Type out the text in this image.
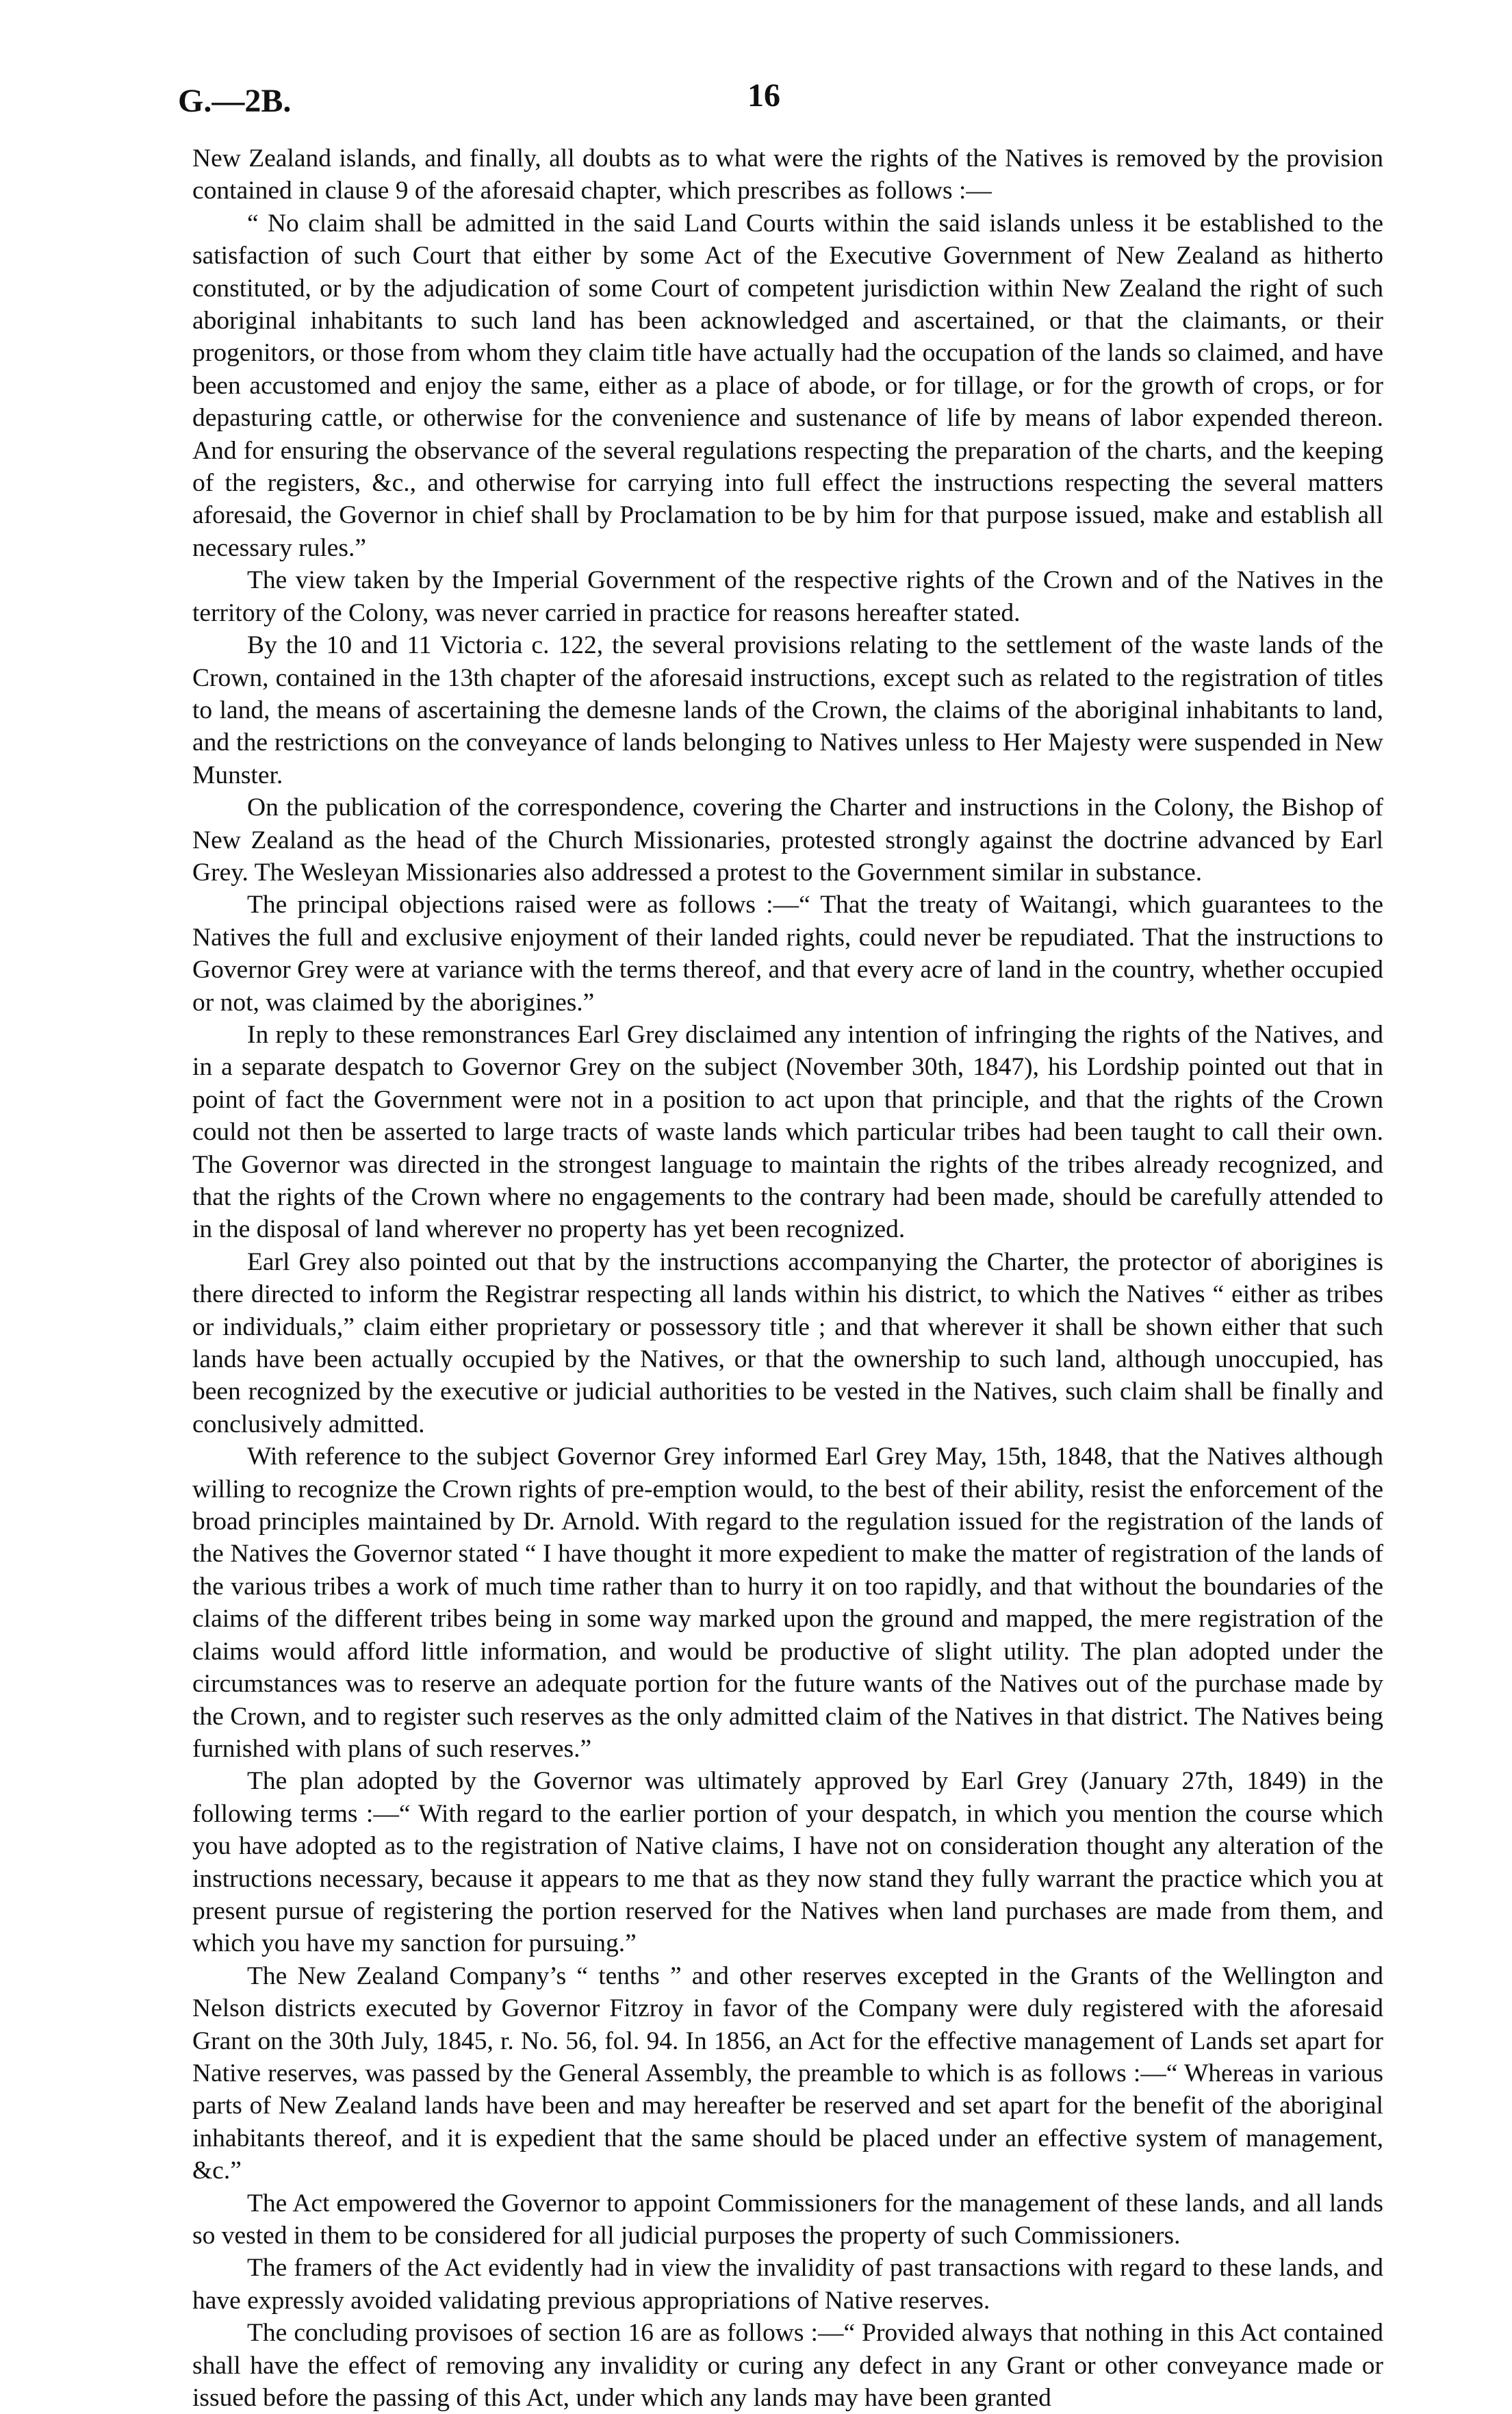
G.—2B.	16

New Zealand islands, and finally, all doubts as to what were the rights of the Natives is removed by the provision contained in clause 9 of the aforesaid chapter, which prescribes as follows :—

“ No claim shall be admitted in the said Land Courts within the said islands unless it be established to the satisfaction of such Court that either by some Act of the Executive Government of New Zealand as hitherto constituted, or by the adjudication of some Court of competent jurisdiction within New Zealand the right of such aboriginal inhabitants to such land has been acknowledged and ascertained, or that the claimants, or their progenitors, or those from whom they claim title have actually had the occupation of the lands so claimed, and have been accustomed and enjoy the same, either as a place of abode, or for tillage, or for the growth of crops, or for depasturing cattle, or otherwise for the convenience and sustenance of life by means of labor expended thereon. And for ensuring the observance of the several regulations respecting the preparation of the charts, and the keeping of the registers, &c., and otherwise for carrying into full effect the instructions respecting the several matters aforesaid, the Governor in chief shall by Proclamation to be by him for that purpose issued, make and establish all necessary rules.”

The view taken by the Imperial Government of the respective rights of the Crown and of the Natives in the territory of the Colony, was never carried in practice for reasons hereafter stated.

By the 10 and 11 Victoria c. 122, the several provisions relating to the settlement of the waste lands of the Crown, contained in the 13th chapter of the aforesaid instructions, except such as related to the registration of titles to land, the means of ascertaining the demesne lands of the Crown, the claims of the aboriginal inhabitants to land, and the restrictions on the conveyance of lands belonging to Natives unless to Her Majesty were suspended in New Munster.

On the publication of the correspondence, covering the Charter and instructions in the Colony, the Bishop of New Zealand as the head of the Church Missionaries, protested strongly against the doctrine advanced by Earl Grey. The Wesleyan Missionaries also addressed a protest to the Government similar in substance.

The principal objections raised were as follows :—“ That the treaty of Waitangi, which guarantees to the Natives the full and exclusive enjoyment of their landed rights, could never be repudiated. That the instructions to Governor Grey were at variance with the terms thereof, and that every acre of land in the country, whether occupied or not, was claimed by the aborigines.”

In reply to these remonstrances Earl Grey disclaimed any intention of infringing the rights of the Natives, and in a separate despatch to Governor Grey on the subject (November 30th, 1847), his Lordship pointed out that in point of fact the Government were not in a position to act upon that principle, and that the rights of the Crown could not then be asserted to large tracts of waste lands which particular tribes had been taught to call their own. The Governor was directed in the strongest language to maintain the rights of the tribes already recognized, and that the rights of the Crown where no engagements to the contrary had been made, should be carefully attended to in the disposal of land wherever no property has yet been recognized.

Earl Grey also pointed out that by the instructions accompanying the Charter, the protector of aborigines is there directed to inform the Registrar respecting all lands within his district, to which the Natives “ either as tribes or individuals,” claim either proprietary or possessory title ; and that wherever it shall be shown either that such lands have been actually occupied by the Natives, or that the ownership to such land, although unoccupied, has been recognized by the executive or judicial authorities to be vested in the Natives, such claim shall be finally and conclusively admitted.

With reference to the subject Governor Grey informed Earl Grey May, 15th, 1848, that the Natives although willing to recognize the Crown rights of pre-emption would, to the best of their ability, resist the enforcement of the broad principles maintained by Dr. Arnold. With regard to the regulation issued for the registration of the lands of the Natives the Governor stated “ I have thought it more expedient to make the matter of registration of the lands of the various tribes a work of much time rather than to hurry it on too rapidly, and that without the boundaries of the claims of the different tribes being in some way marked upon the ground and mapped, the mere registration of the claims would afford little information, and would be productive of slight utility. The plan adopted under the circumstances was to reserve an adequate portion for the future wants of the Natives out of the purchase made by the Crown, and to register such reserves as the only admitted claim of the Natives in that district. The Natives being furnished with plans of such reserves.”

The plan adopted by the Governor was ultimately approved by Earl Grey (January 27th, 1849) in the following terms :—“ With regard to the earlier portion of your despatch, in which you mention the course which you have adopted as to the registration of Native claims, I have not on consideration thought any alteration of the instructions necessary, because it appears to me that as they now stand they fully warrant the practice which you at present pursue of registering the portion reserved for the Natives when land purchases are made from them, and which you have my sanction for pursuing.”

The New Zealand Company’s “ tenths ” and other reserves excepted in the Grants of the Wellington and Nelson districts executed by Governor Fitzroy in favor of the Company were duly registered with the aforesaid Grant on the 30th July, 1845, r. No. 56, fol. 94. In 1856, an Act for the effective management of Lands set apart for Native reserves, was passed by the General Assembly, the preamble to which is as follows :—“ Whereas in various parts of New Zealand lands have been and may hereafter be reserved and set apart for the benefit of the aboriginal inhabitants thereof, and it is expedient that the same should be placed under an effective system of management, &c.”

The Act empowered the Governor to appoint Commissioners for the management of these lands, and all lands so vested in them to be considered for all judicial purposes the property of such Commissioners.

The framers of the Act evidently had in view the invalidity of past transactions with regard to these lands, and have expressly avoided validating previous appropriations of Native reserves.

The concluding provisoes of section 16 are as follows :—“ Provided always that nothing in this Act contained shall have the effect of removing any invalidity or curing any defect in any Grant or other conveyance made or issued before the passing of this Act, under which any lands may have been granted
